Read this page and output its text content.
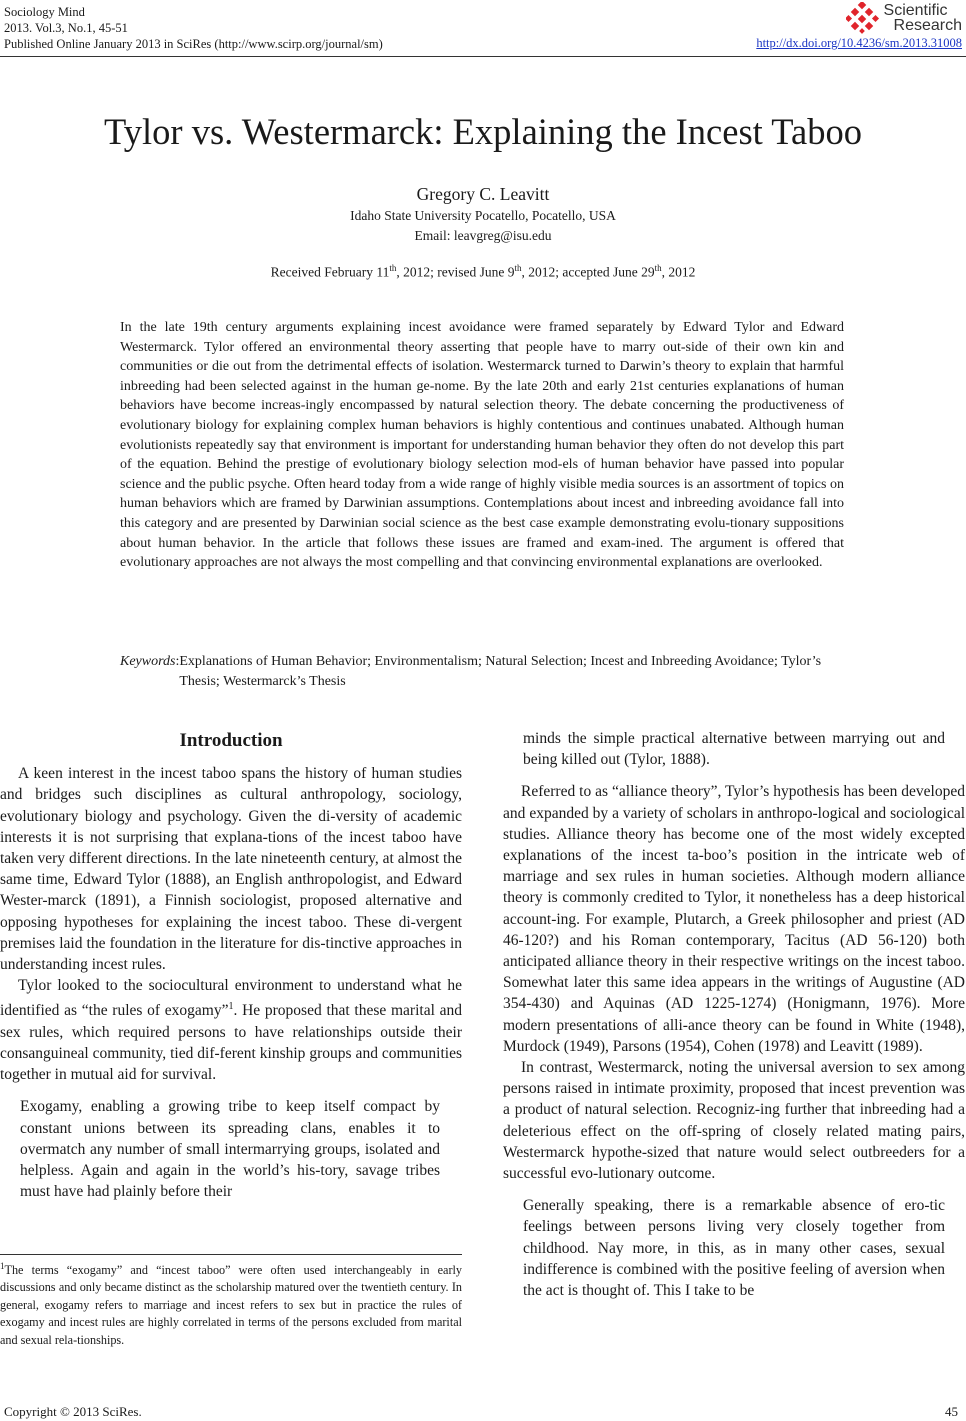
Sociology Mind
2013. Vol.3, No.1, 45-51
Published Online January 2013 in SciRes (http://www.scirp.org/journal/sm)
Scientific
Research
http://dx.doi.org/10.4236/sm.2013.31008
Tylor vs. Westermarck: Explaining the Incest Taboo
Gregory C. Leavitt
Idaho State University Pocatello, Pocatello, USA
Email: leavgreg@isu.edu
Received February 11th, 2012; revised June 9th, 2012; accepted June 29th, 2012
In the late 19th century arguments explaining incest avoidance were framed separately by Edward Tylor and Edward Westermarck. Tylor offered an environmental theory asserting that people have to marry out-side of their own kin and communities or die out from the detrimental effects of isolation. Westermarck turned to Darwin’s theory to explain that harmful inbreeding had been selected against in the human ge-nome. By the late 20th and early 21st centuries explanations of human behaviors have become increas-ingly encompassed by natural selection theory. The debate concerning the productiveness of evolutionary biology for explaining complex human behaviors is highly contentious and continues unabated. Although human evolutionists repeatedly say that environment is important for understanding human behavior they often do not develop this part of the equation. Behind the prestige of evolutionary biology selection mod-els of human behavior have passed into popular science and the public psyche. Often heard today from a wide range of highly visible media sources is an assortment of topics on human behaviors which are framed by Darwinian assumptions. Contemplations about incest and inbreeding avoidance fall into this category and are presented by Darwinian social science as the best case example demonstrating evolu-tionary suppositions about human behavior. In the article that follows these issues are framed and exam-ined. The argument is offered that evolutionary approaches are not always the most compelling and that convincing environmental explanations are overlooked.
Keywords: Explanations of Human Behavior; Environmentalism; Natural Selection; Incest and Inbreeding Avoidance; Tylor’s Thesis; Westermarck’s Thesis
Introduction

A keen interest in the incest taboo spans the history of human studies and bridges such disciplines as cultural anthropology, sociology, evolutionary biology and psychology. Given the di-versity of academic interests it is not surprising that explana-tions of the incest taboo have taken very different directions. In the late nineteenth century, at almost the same time, Edward Tylor (1888), an English anthropologist, and Edward Wester-marck (1891), a Finnish sociologist, proposed alternative and opposing hypotheses for explaining the incest taboo. These di-vergent premises laid the foundation in the literature for dis-tinctive approaches in understanding incest rules.

Tylor looked to the sociocultural environment to understand what he identified as “the rules of exogamy”$^1$. He proposed that these marital and sex rules, which required persons to have relationships outside their consanguineal community, tied dif-ferent kinship groups and communities together in mutual aid for survival.

Exogamy, enabling a growing tribe to keep itself compact by constant unions between its spreading clans, enables it to overmatch any number of small intermarrying groups, isolated and helpless. Again and again in the world’s his-tory, savage tribes must have had plainly before their

$^1$The terms “exogamy” and “incest taboo” were often used interchangeably in early discussions and only became distinct as the scholarship matured over the twentieth century. In general, exogamy refers to marriage and incest refers to sex but in practice the rules of exogamy and incest rules are highly correlated in terms of the persons excluded from marital and sexual rela-tionships.

minds the simple practical alternative between marrying out and being killed out (Tylor, 1888).

Referred to as “alliance theory”, Tylor’s hypothesis has been developed and expanded by a variety of scholars in anthropo-logical and sociological studies. Alliance theory has become one of the most widely excepted explanations of the incest ta-boo’s position in the intricate web of marriage and sex rules in human societies. Although modern alliance theory is commonly credited to Tylor, it nonetheless has a deep historical account-ing. For example, Plutarch, a Greek philosopher and priest (AD 46-120?) and his Roman contemporary, Tacitus (AD 56-120) both anticipated alliance theory in their respective writings on the incest taboo. Somewhat later this same idea appears in the writings of Augustine (AD 354-430) and Aquinas (AD 1225-1274) (Honigmann, 1976). More modern presentations of alli-ance theory can be found in White (1948), Murdock (1949), Parsons (1954), Cohen (1978) and Leavitt (1989).

In contrast, Westermarck, noting the universal aversion to sex among persons raised in intimate proximity, proposed that incest prevention was a product of natural selection. Recogniz-ing further that inbreeding had a deleterious effect on the off-spring of closely related mating pairs, Westermarck hypothe-sized that nature would select outbreeders for a successful evo-lutionary outcome.

Generally speaking, there is a remarkable absence of ero-tic feelings between persons living very closely together from childhood. Nay more, in this, as in many other cases, sexual indifference is combined with the positive feeling of aversion when the act is thought of. This I take to be

Copyright © 2013 SciRes.	45
